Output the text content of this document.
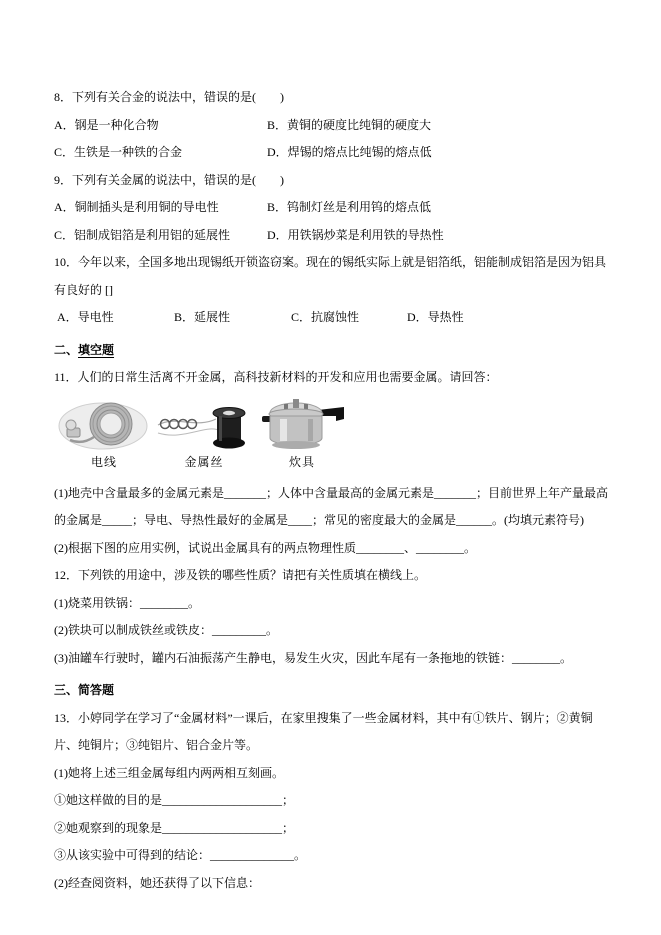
8．下列有关合金的说法中，错误的是(　　)

A．钢是一种化合物	B．黄铜的硬度比纯铜的硬度大
C．生铁是一种铁的合金	D．焊锡的熔点比纯锡的熔点低

9．下列有关金属的说法中，错误的是(　　)

A．铜制插头是利用铜的导电性	B．钨制灯丝是利用钨的熔点低
C．铝制成铝箔是利用铝的延展性	D．用铁锅炒菜是利用铁的导热性

10．今年以来，全国多地出现锡纸开锁盗窃案。现在的锡纸实际上就是铝箔纸，铝能制成铝箔是因为铝具有良好的 []

A．导电性	B．延展性	C．抗腐蚀性	D．导热性

二、填空题

11．人们的日常生活离不开金属，高科技新材料的开发和应用也需要金属。请回答：

电线	金属丝	炊具

(1)地壳中含量最多的金属元素是_______；人体中含量最高的金属元素是_______；目前世界上年产量最高的金属是_____；导电、导热性最好的金属是____；常见的密度最大的金属是______。(均填元素符号)

(2)根据下图的应用实例，试说出金属具有的两点物理性质________、________。

12．下列铁的用途中，涉及铁的哪些性质？请把有关性质填在横线上。

(1)烧菜用铁锅：________。

(2)铁块可以制成铁丝或铁皮：_________。

(3)油罐车行驶时，罐内石油振荡产生静电，易发生火灾，因此车尾有一条拖地的铁链：________。

三、简答题

13．小婷同学在学习了“金属材料”一课后，在家里搜集了一些金属材料，其中有①铁片、钢片；②黄铜片、纯铜片；③纯铝片、铝合金片等。

(1)她将上述三组金属每组内两两相互刻画。

①她这样做的目的是____________________；

②她观察到的现象是____________________；

③从该实验中可得到的结论：______________。

(2)经查阅资料，她还获得了以下信息：
